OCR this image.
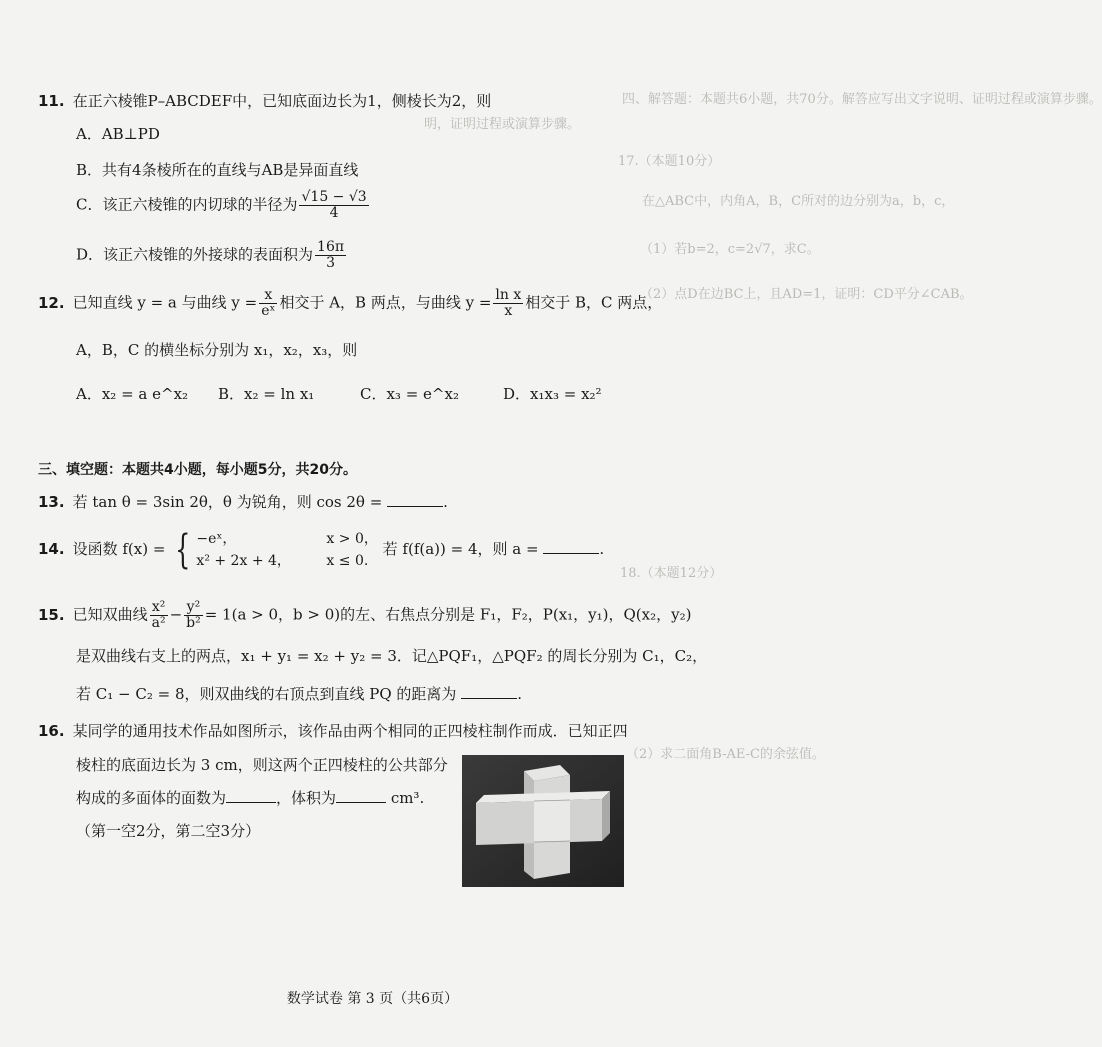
四、解答题：本题共6小题，共70分。解答应写出文字说明、证明过程或演算步骤。
明，证明过程或演算步骤。
17.（本题10分）
在△ABC中，内角A，B，C所对的边分别为a，b，c，
（1）若b=2，c=2√7，求C。
（2）点D在边BC上，且AD=1，证明：CD平分∠CAB。
18.（本题12分）
（2）求二面角B-AE-C的余弦值。
11. 在正六棱锥P–ABCDEF中，已知底面边长为1，侧棱长为2，则
A．AB⊥PD
B．共有4条棱所在的直线与AB是异面直线
C．该正六棱锥的内切球的半径为 $\frac{√15 - √3}{4}$
D．该正六棱锥的外接球的表面积为 $\frac{16\pi}{3}$
12. 已知直线 y = a 与曲线 $y = \frac{x}{\text{eˣ}}$ 相交于 A，B 两点，与曲线 $y = \frac{\text{ln x}}{x}$ 相交于 B，C 两点，
A，B，C 的横坐标分别为 x₁，x₂，x₃，则
A．x₂ = a e^x₂ B．x₂ = ln x₁	C．x₃ = e^x₂	D．x₁x₃ = x₂²
三、填空题：本题共4小题，每小题5分，共20分。
13. 若 tan θ = 3sin 2θ，θ 为锐角，则 cos 2θ =	.
14. 设函数 f(x) = { −eˣ，	x > 0，
x² + 2x + 4，	x ≤ 0.
若 f(f(a)) = 4，则 a =	.
15. 已知双曲线 $\frac{\text{x²}}{\text{a²}} - \frac{\text{y²}}{\text{b²}} = 1(a > 0$，b > 0)的左、右焦点分别是 F₁，F₂，P(x₁，y₁)，Q(x₂，y₂)
是双曲线右支上的两点，x₁ + y₁ = x₂ + y₂ = 3．记△PQF₁，△PQF₂ 的周长分别为 C₁，C₂，
若 C₁ − C₂ = 8，则双曲线的右顶点到直线 PQ 的距离为	.
16. 某同学的通用技术作品如图所示，该作品由两个相同的正四棱柱制作而成．已知正四
棱柱的底面边长为 3 cm，则这两个正四棱柱的公共部分
构成的多面体的面数为	，体积为	cm³.
（第一空2分，第二空3分）
数学试卷 第 3 页（共6页）
